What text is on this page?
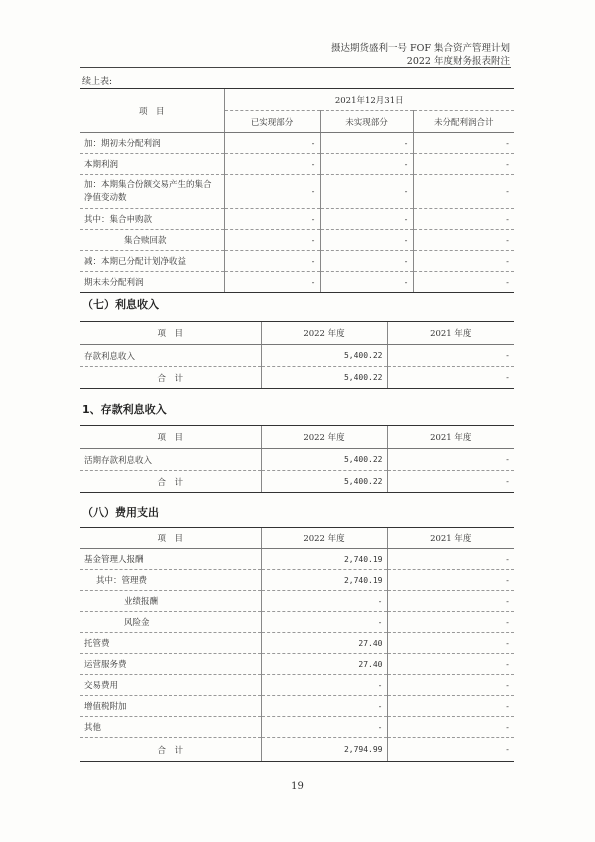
摄达期货盛利一号 FOF 集合资产管理计划
2022 年度财务报表附注
续上表:
项　目	2021年12月31日		
	已实现部分	未实现部分	未分配利润合计
加：期初未分配利润	-	-	-
本期利润	-	-	-
加：本期集合份额交易产生的集合净值变动数	-	-	-
其中：集合申购款	-	-	-
集合赎回款	-	-	-
减：本期已分配计划净收益	-	-	-
期末未分配利润	-	-	-
（七）利息收入
项　目	2022 年度	2021 年度
存款利息收入	5,400.22	-
合　计	5,400.22	-
1、存款利息收入
项　目	2022 年度	2021 年度
活期存款利息收入	5,400.22	-
合　计	5,400.22	-
（八）费用支出
项　目	2022 年度	2021 年度
基金管理人报酬	2,740.19	-
其中：管理费	2,740.19	-
业绩报酬	-	-
风险金	-	-
托管费	27.40	-
运营服务费	27.40	-
交易费用	-	-
增值税附加	-	-
其他	-	-
合　计	2,794.99	-
19
